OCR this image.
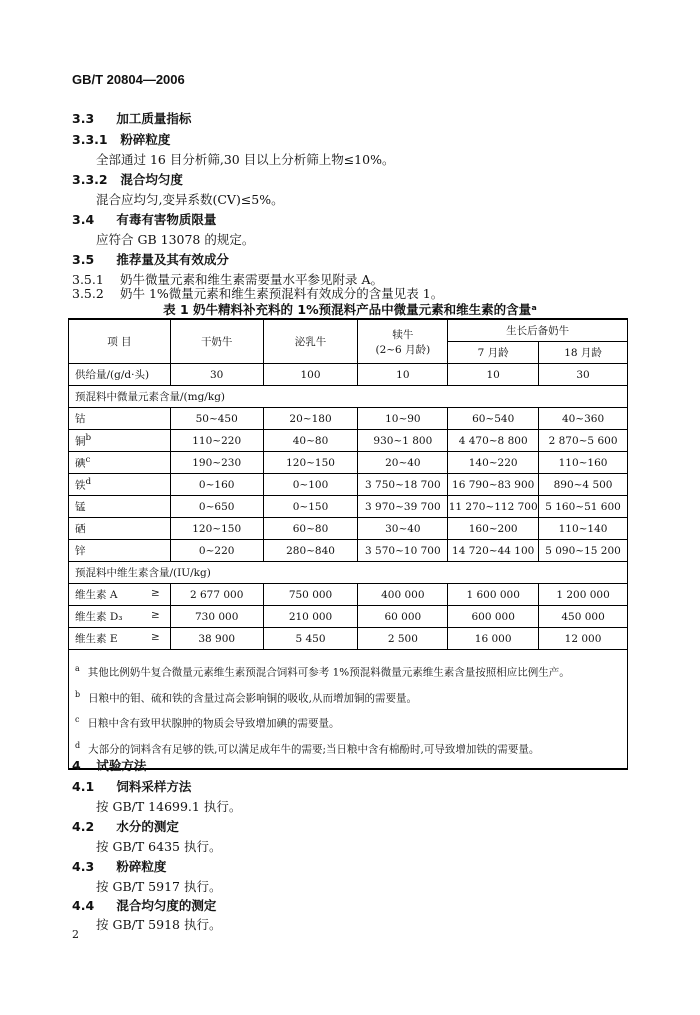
GB/T 20804—2006
3.3 加工质量指标
3.3.1 粉碎粒度
全部通过 16 目分析筛,30 目以上分析筛上物≤10%。
3.3.2 混合均匀度
混合应均匀,变异系数(CV)≤5%。
3.4 有毒有害物质限量
应符合 GB 13078 的规定。
3.5 推荐量及其有效成分
3.5.1 奶牛微量元素和维生素需要量水平参见附录 A。
3.5.2 奶牛 1%微量元素和维生素预混料有效成分的含量见表 1。
表 1 奶牛精料补充料的 1%预混料产品中微量元素和维生素的含量ᵃ
项 目	干奶牛	泌乳牛	犊牛
(2~6 月龄)	生长后备奶牛	
				7 月龄	18 月龄
供给量/(g/d·头)	30	100	10	10	30
预混料中微量元素含量/(mg/kg)					
钴	50~450	20~180	10~90	60~540	40~360
铜$^b$	110~220	40~80	930~1 800	4 470~8 800	2 870~5 600
碘$^c$	190~230	120~150	20~40	140~220	110~160
铁$^d$	0~160	0~100	3 750~18 700	16 790~83 900	890~4 500
锰	0~650	0~150	3 970~39 700	11 270~112 700	5 160~51 600
硒	120~150	60~80	30~40	160~200	110~140
锌	0~220	280~840	3 570~10 700	14 720~44 100	5 090~15 200
预混料中维生素含量/(IU/kg)					
维生素 A ≥	2 677 000	750 000	400 000	1 600 000	1 200 000
维生素 D₃ ≥	730 000	210 000	60 000	600 000	450 000
维生素 E ≥	38 900	5 450	2 500	16 000	12 000

$^a$ 其他比例奶牛复合微量元素维生素预混合饲料可参考 1%预混料微量元素维生素含量按照相应比例生产。
$^b$ 日粮中的钼、硫和铁的含量过高会影响铜的吸收,从而增加铜的需要量。
$^c$ 日粮中含有致甲状腺肿的物质会导致增加碘的需要量。
$^d$ 大部分的饲料含有足够的铁,可以满足成年牛的需要;当日粮中含有棉酚时,可导致增加铁的需要量。					
4 试验方法
4.1 饲料采样方法
按 GB/T 14699.1 执行。
4.2 水分的测定
按 GB/T 6435 执行。
4.3 粉碎粒度
按 GB/T 5917 执行。
4.4 混合均匀度的测定
按 GB/T 5918 执行。
2
